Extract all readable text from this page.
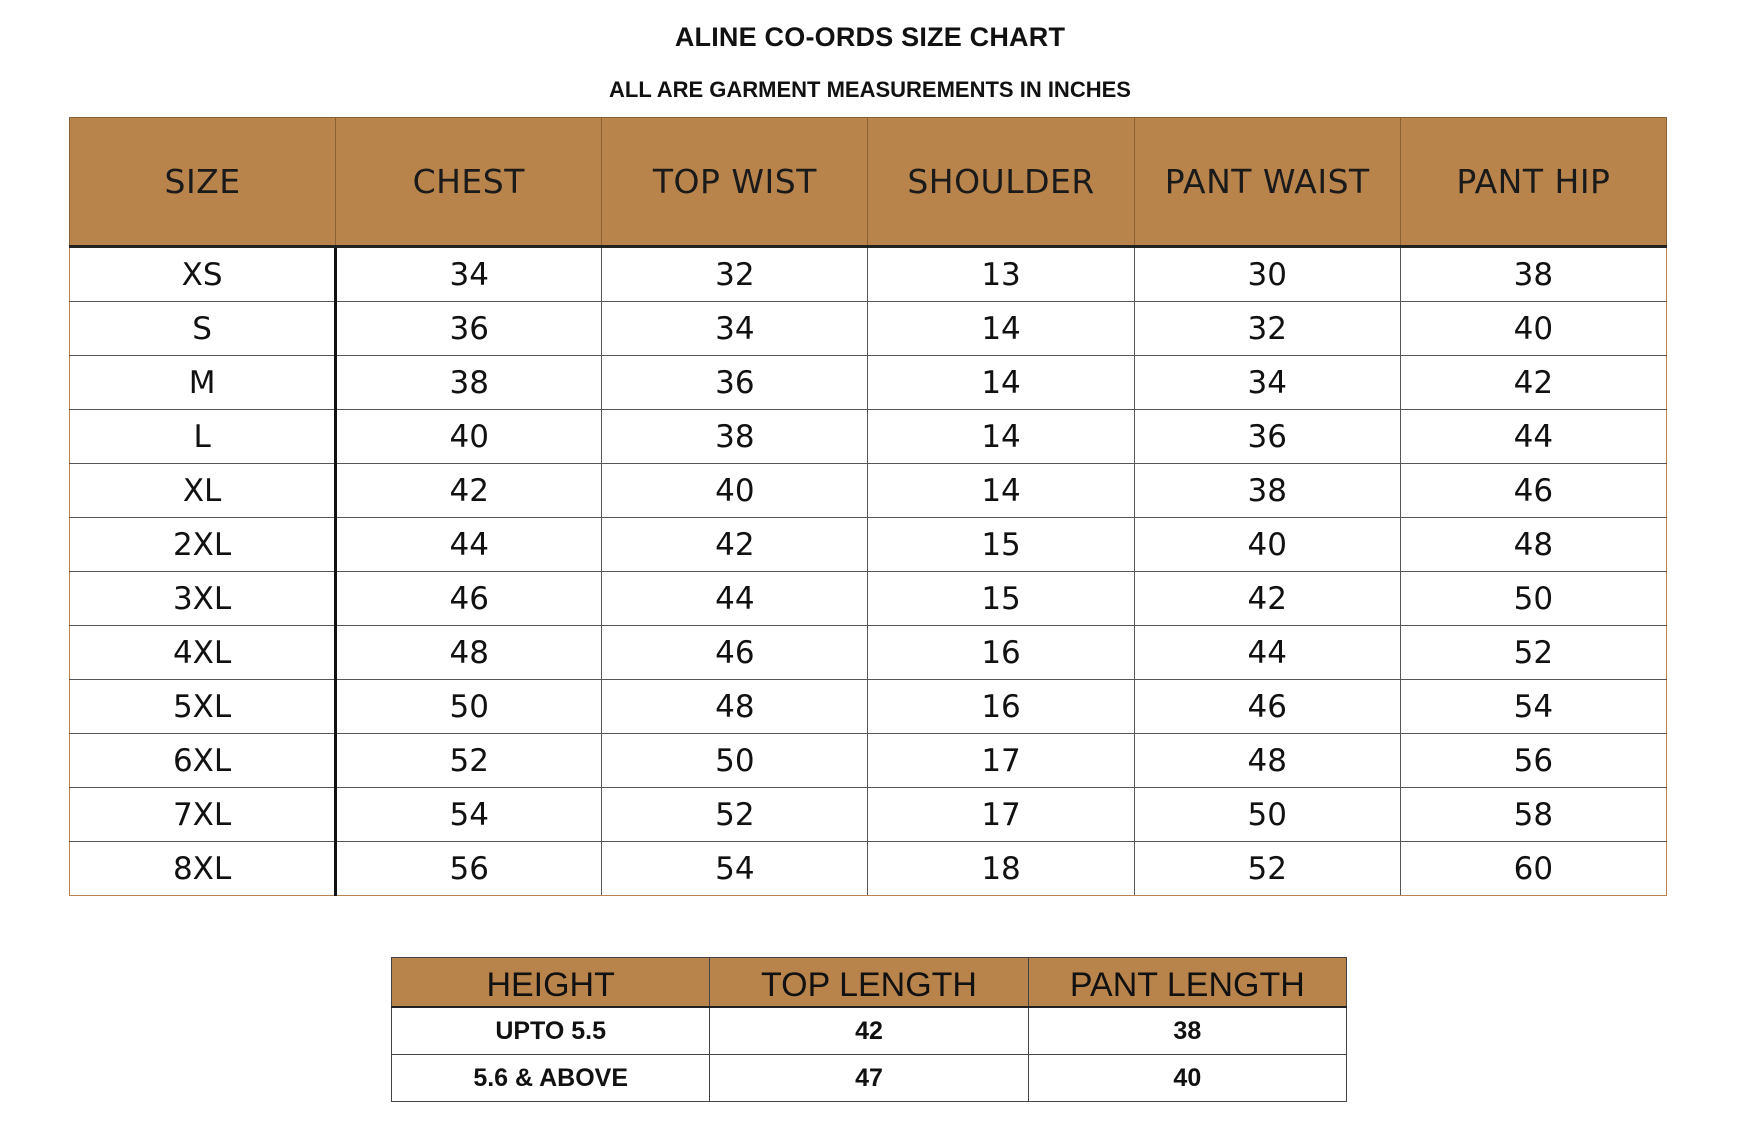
ALINE CO-ORDS SIZE CHART
ALL ARE GARMENT MEASUREMENTS IN INCHES
SIZE	CHEST	TOP WIST	SHOULDER	PANT WAIST	PANT HIP
XS	34	32	13	30	38
S	36	34	14	32	40
M	38	36	14	34	42
L	40	38	14	36	44
XL	42	40	14	38	46
2XL	44	42	15	40	48
3XL	46	44	15	42	50
4XL	48	46	16	44	52
5XL	50	48	16	46	54
6XL	52	50	17	48	56
7XL	54	52	17	50	58
8XL	56	54	18	52	60
HEIGHT	TOP LENGTH	PANT LENGTH
UPTO 5.5	42	38
5.6 & ABOVE	47	40
